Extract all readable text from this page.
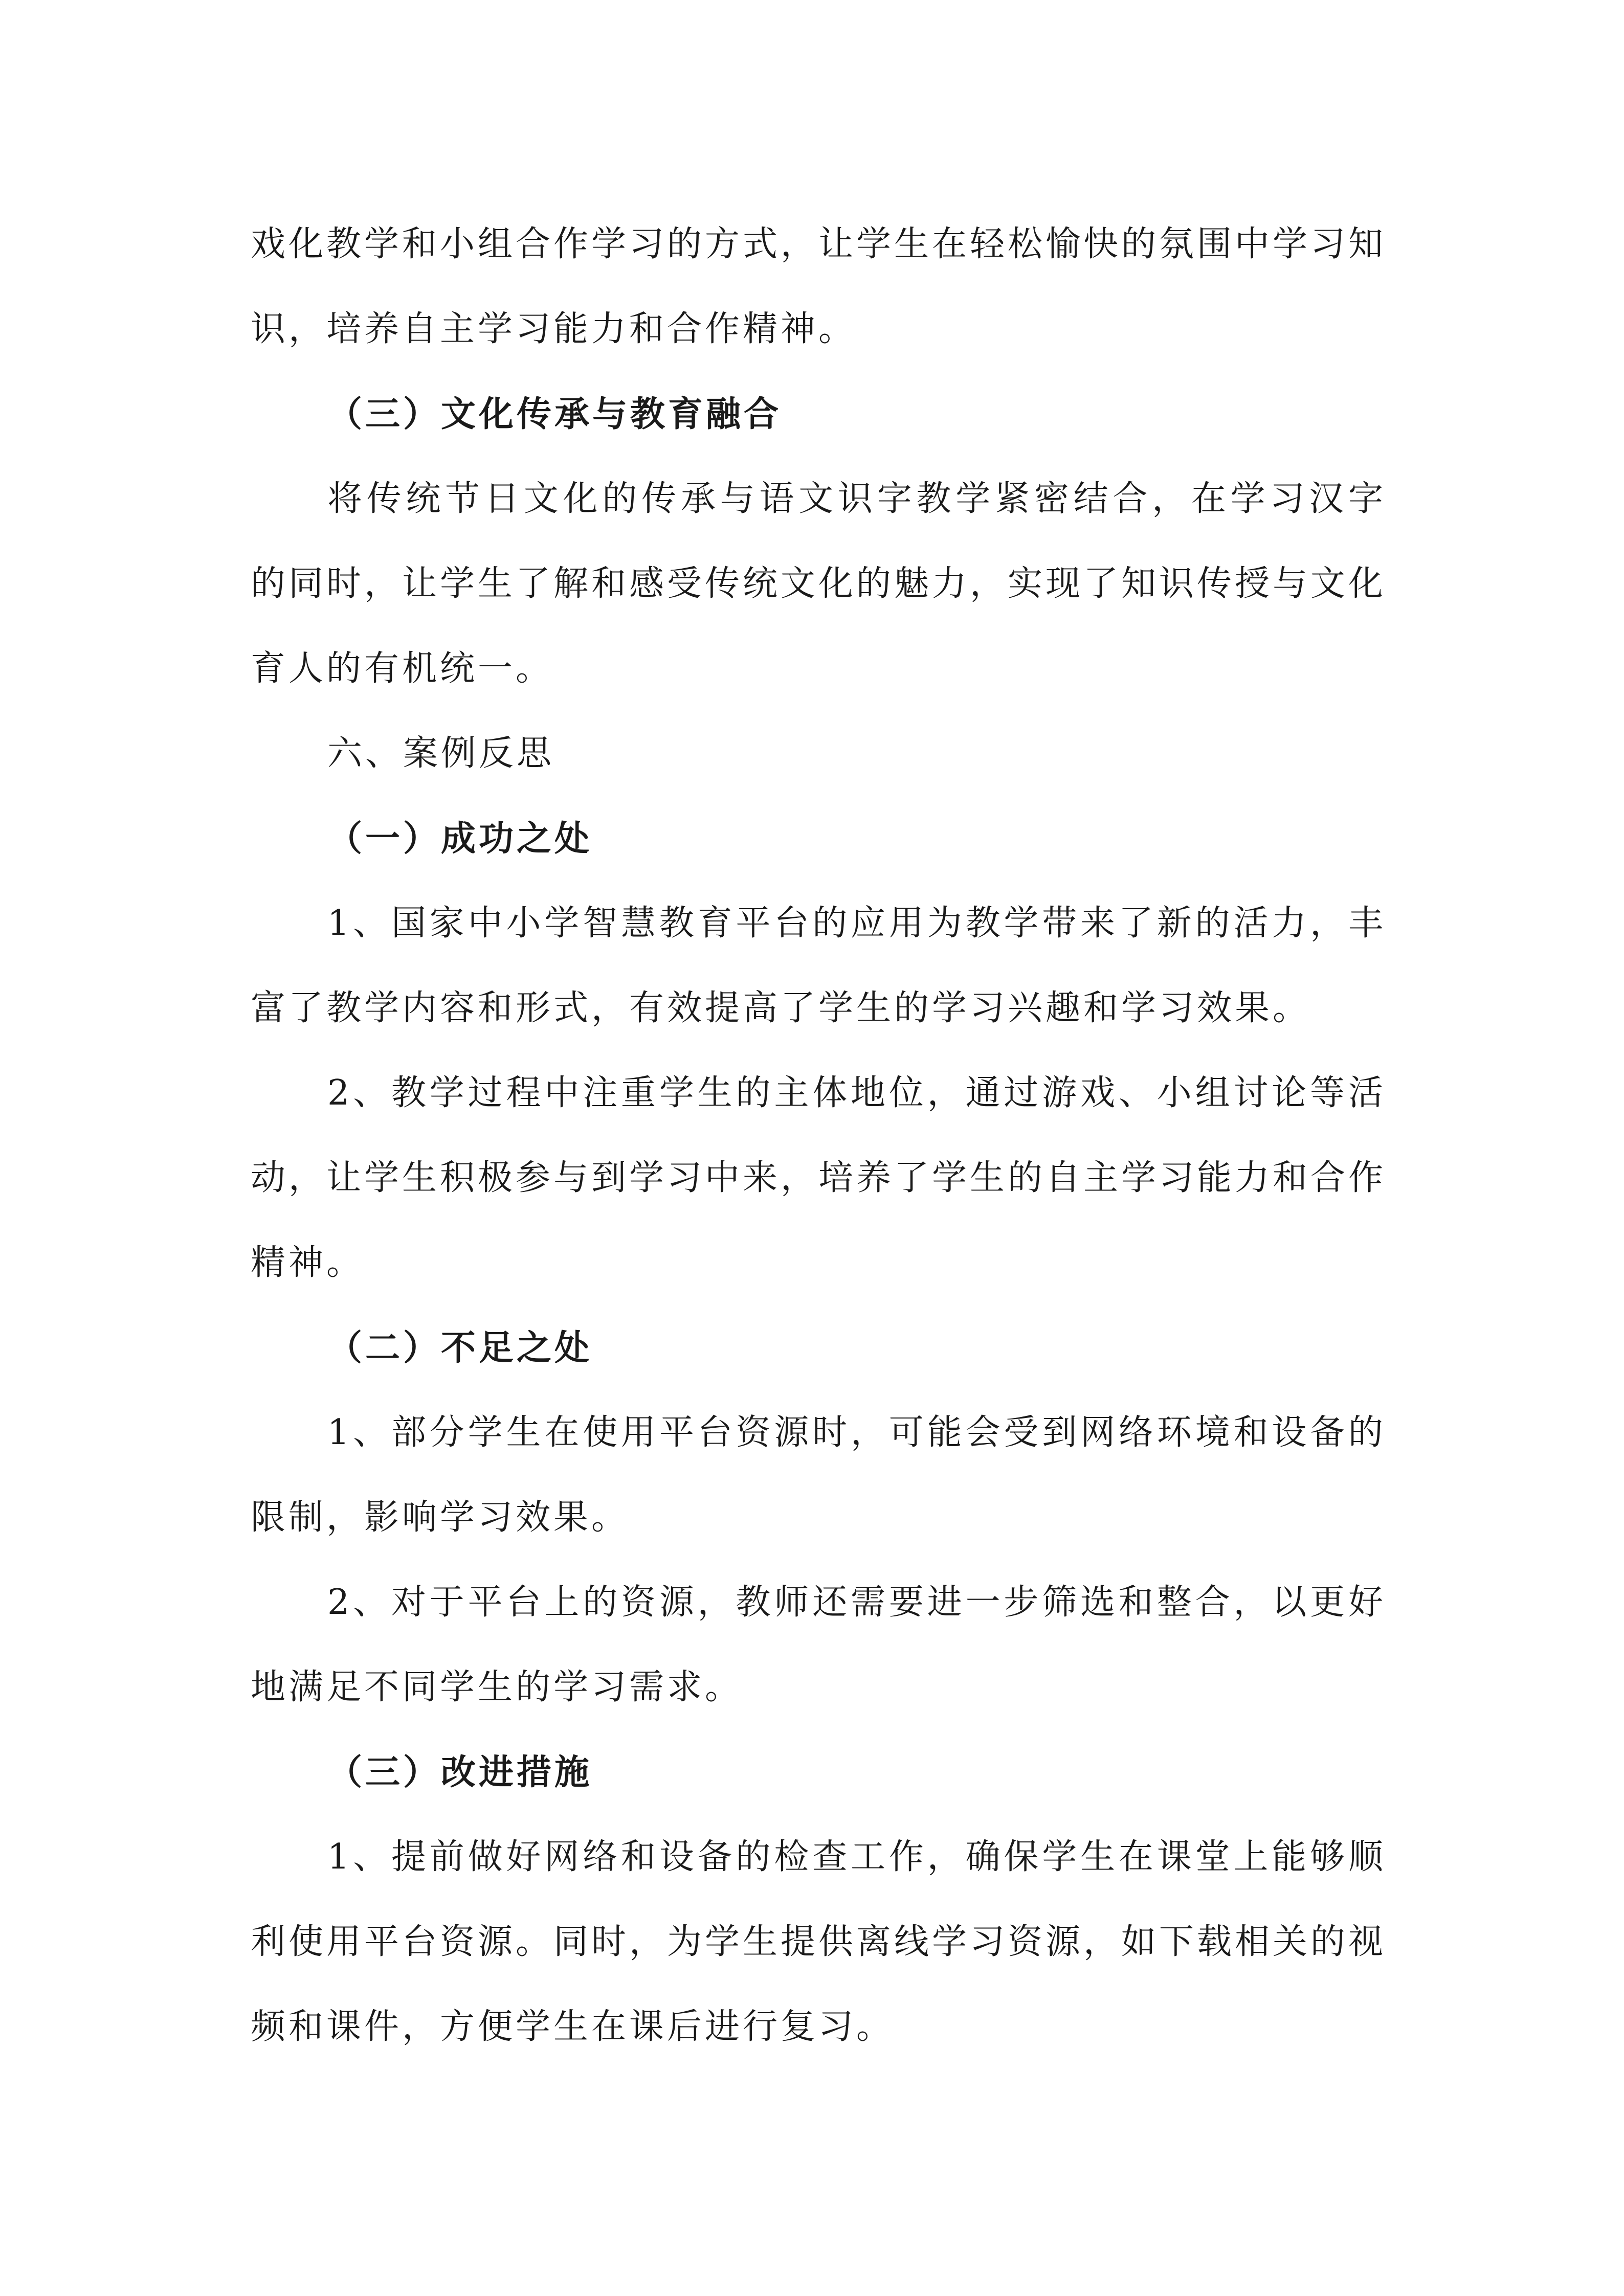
戏化教学和小组合作学习的方式，让学生在轻松愉快的氛围中学习知识，培养自主学习能力和合作精神。

（三）文化传承与教育融合

将传统节日文化的传承与语文识字教学紧密结合，在学习汉字的同时，让学生了解和感受传统文化的魅力，实现了知识传授与文化育人的有机统一。

六、案例反思

（一）成功之处

1、国家中小学智慧教育平台的应用为教学带来了新的活力，丰富了教学内容和形式，有效提高了学生的学习兴趣和学习效果。

2、教学过程中注重学生的主体地位，通过游戏、小组讨论等活动，让学生积极参与到学习中来，培养了学生的自主学习能力和合作精神。

（二）不足之处

1、部分学生在使用平台资源时，可能会受到网络环境和设备的限制，影响学习效果。

2、对于平台上的资源，教师还需要进一步筛选和整合，以更好地满足不同学生的学习需求。

（三）改进措施

1、提前做好网络和设备的检查工作，确保学生在课堂上能够顺利使用平台资源。同时，为学生提供离线学习资源，如下载相关的视频和课件，方便学生在课后进行复习。
